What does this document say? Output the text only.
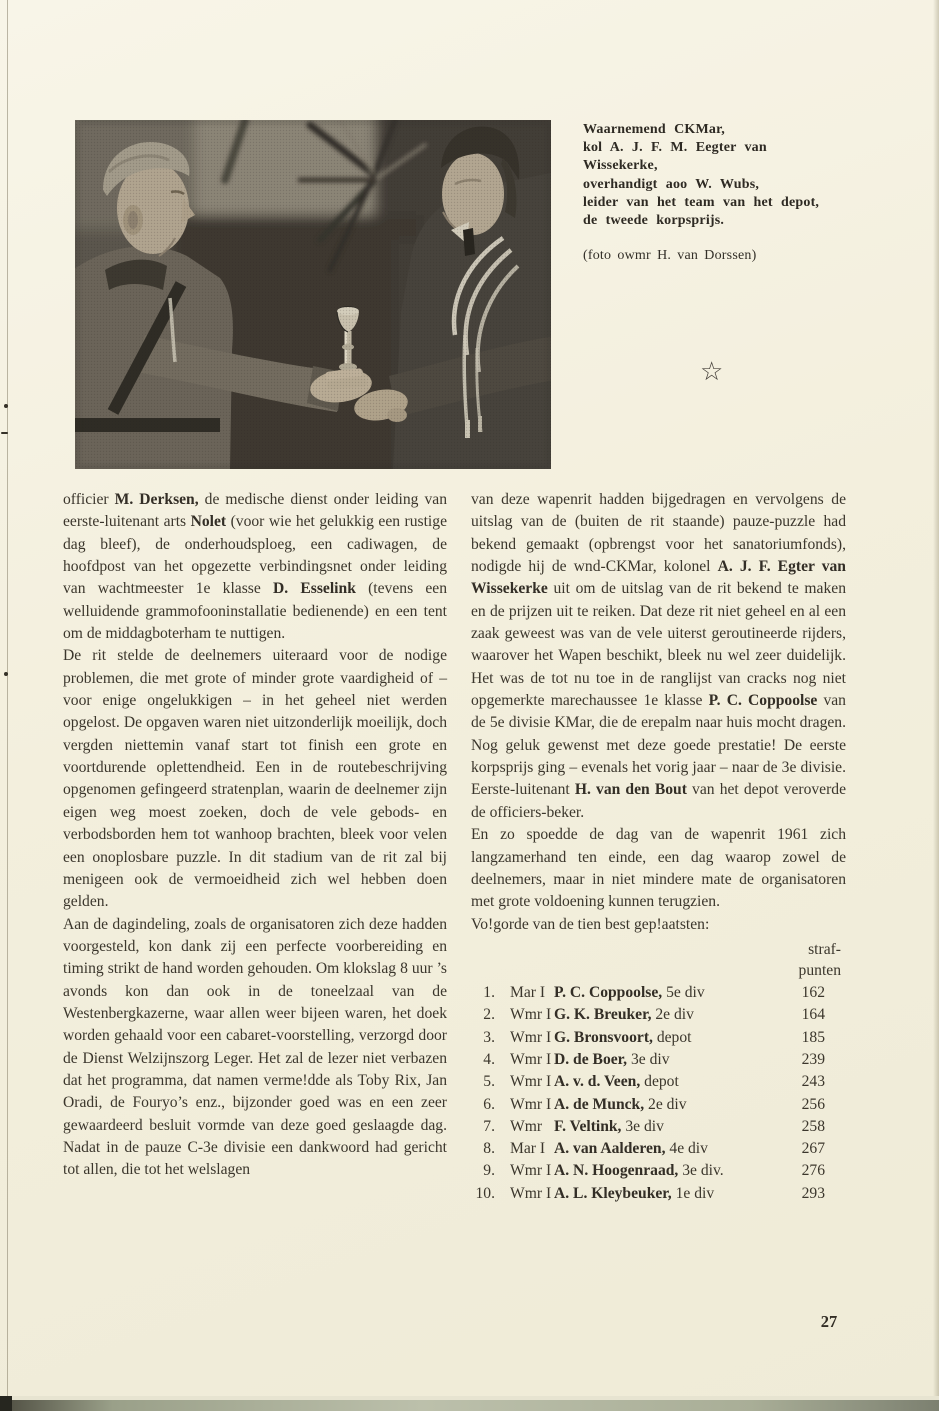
Waarnemend CKMar,
kol A. J. F. M. Eegter van
Wissekerke,
overhandigt aoo W. Wubs,
leider van het team van het depot,
de tweede korpsprijs.
(foto owmr H. van Dorssen)
☆

officier M. Derksen, de medische dienst onder leiding van eerste-luitenant arts Nolet (voor wie het gelukkig een rustige dag bleef), de onderhoudsploeg, een cadiwagen, de hoofdpost van het opgezette verbindingsnet onder leiding van wachtmeester 1e klasse D. Esselink (tevens een welluidende grammofooninstallatie bedienende) en een tent om de middagboterham te nuttigen.

De rit stelde de deelnemers uiteraard voor de nodige problemen, die met grote of minder grote vaardigheid of – voor enige ongelukkigen – in het geheel niet werden opgelost. De opgaven waren niet uitzonderlijk moeilijk, doch vergden niettemin vanaf start tot finish een grote en voortdurende oplettendheid. Een in de routebeschrijving opgenomen gefingeerd stratenplan, waarin de deelnemer zijn eigen weg moest zoeken, doch de vele gebods- en verbodsborden hem tot wanhoop brachten, bleek voor velen een onoplosbare puzzle. In dit stadium van de rit zal bij menigeen ook de vermoeidheid zich wel hebben doen gelden.

Aan de dagindeling, zoals de organisatoren zich deze hadden voorgesteld, kon dank zij een perfecte voorbereiding en timing strikt de hand worden gehouden. Om klokslag 8 uur ’s avonds kon dan ook in de toneelzaal van de Westenbergkazerne, waar allen weer bijeen waren, het doek worden gehaald voor een cabaret-voorstelling, verzorgd door de Dienst Welzijnszorg Leger. Het zal de lezer niet verbazen dat het programma, dat namen verme!dde als Toby Rix, Jan Oradi, de Fouryo’s enz., bijzonder goed was en een zeer gewaardeerd besluit vormde van deze goed geslaagde dag. Nadat in de pauze C-3e divisie een dankwoord had gericht tot allen, die tot het welslagen

van deze wapenrit hadden bijgedragen en vervolgens de uitslag van de (buiten de rit staande) pauze-puzzle had bekend gemaakt (opbrengst voor het sanatoriumfonds), nodigde hij de wnd-CKMar, kolonel A. J. F. Egter van Wissekerke uit om de uitslag van de rit bekend te maken en de prijzen uit te reiken. Dat deze rit niet geheel en al een zaak geweest was van de vele uiterst geroutineerde rijders, waarover het Wapen beschikt, bleek nu wel zeer duidelijk. Het was de tot nu toe in de ranglijst van cracks nog niet opgemerkte marechaussee 1e klasse P. C. Coppoolse van de 5e divisie KMar, die de erepalm naar huis mocht dragen. Nog geluk gewenst met deze goede prestatie! De eerste korpsprijs ging – evenals het vorig jaar – naar de 3e divisie. Eerste-luitenant H. van den Bout van het depot veroverde de officiers-beker.

En zo spoedde de dag van de wapenrit 1961 zich langzamerhand ten einde, een dag waarop zowel de deelnemers, maar in niet mindere mate de organisatoren met grote voldoening kunnen terugzien.

Vo!gorde van de tien best gep!aatsten:

straf-
punten
1. Mar I P. C. Coppoolse, 5e div	162
2. Wmr I G. K. Breuker, 2e div	164
3. Wmr I G. Bronsvoort, depot	185
4. Wmr I D. de Boer, 3e div	239
5. Wmr I A. v. d. Veen, depot	243
6. Wmr I A. de Munck, 2e div	256
7. Wmr F. Veltink, 3e div	258
8. Mar I A. van Aalderen, 4e div	267
9. Wmr I A. N. Hoogenraad, 3e div.	276
10. Wmr I A. L. Kleybeuker, 1e div	293
27
